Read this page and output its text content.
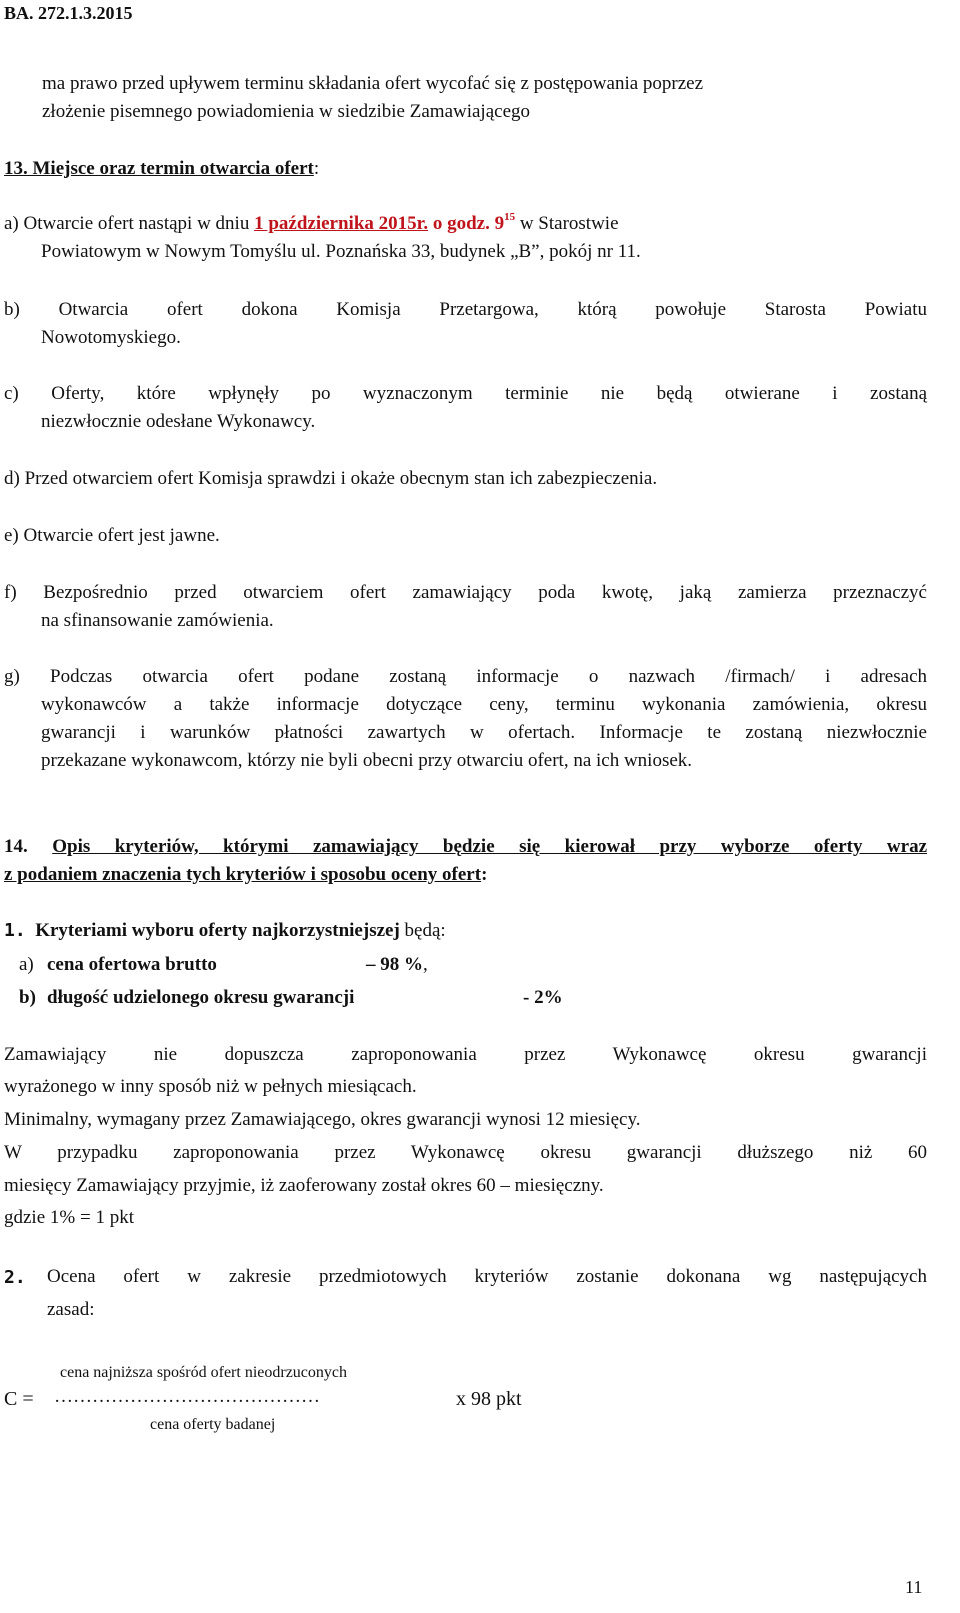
BA. 272.1.3.2015
ma prawo przed upływem terminu składania ofert wycofać się z postępowania poprzez
złożenie pisemnego powiadomienia w siedzibie Zamawiającego
13. Miejsce oraz termin otwarcia ofert:
a) Otwarcie ofert nastąpi w dniu 1 października 2015r. o godz. $9^{15}$ w Starostwie
Powiatowym w Nowym Tomyślu ul. Poznańska 33, budynek „B”, pokój nr 11.
b) Otwarcia ofert dokona Komisja Przetargowa, którą powołuje Starosta Powiatu
Nowotomyskiego.
c) Oferty, które wpłynęły po wyznaczonym terminie nie będą otwierane i zostaną
niezwłocznie odesłane Wykonawcy.
d) Przed otwarciem ofert Komisja sprawdzi i okaże obecnym stan ich zabezpieczenia.
e) Otwarcie ofert jest jawne.
f) Bezpośrednio przed otwarciem ofert zamawiający poda kwotę, jaką zamierza przeznaczyć
na sfinansowanie zamówienia.
g) Podczas otwarcia ofert podane zostaną informacje o nazwach /firmach/ i adresach
wykonawców a także informacje dotyczące ceny, terminu wykonania zamówienia, okresu
gwarancji i warunków płatności zawartych w ofertach. Informacje te zostaną niezwłocznie
przekazane wykonawcom, którzy nie byli obecni przy otwarciu ofert, na ich wniosek.
14. Opis kryteriów, którymi zamawiający będzie się kierował przy wyborze oferty wraz
z podaniem znaczenia tych kryteriów i sposobu oceny ofert:
1. Kryteriami wyboru oferty najkorzystniejszej będą:
a) cena ofertowa brutto	– 98 %,
b) długość udzielonego okresu gwarancji	- 2%
Zamawiający nie dopuszcza zaproponowania przez Wykonawcę okresu gwarancji
wyrażonego w inny sposób niż w pełnych miesiącach.
Minimalny, wymagany przez Zamawiającego, okres gwarancji wynosi 12 miesięcy.
W przypadku zaproponowania przez Wykonawcę okresu gwarancji dłuższego niż 60
miesięcy Zamawiający przyjmie, iż zaoferowany został okres 60 – miesięczny.
gdzie 1% = 1 pkt
2. Ocena ofert w zakresie przedmiotowych kryteriów zostanie dokonana wg następujących
zasad:
cena najniższa spośród ofert nieodrzuconych
C = ……………………………………	x 98 pkt
cena oferty badanej
11
